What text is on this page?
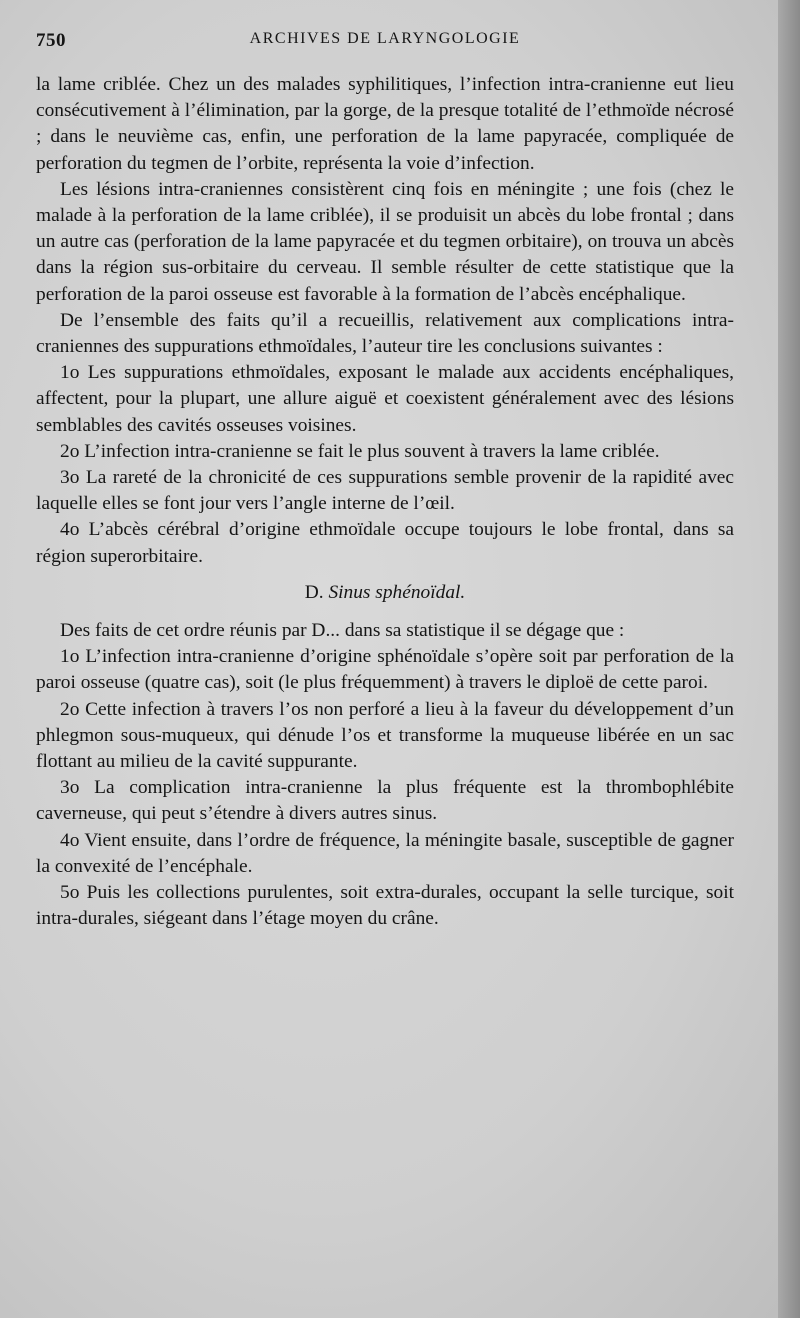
750	ARCHIVES DE LARYNGOLOGIE

la lame criblée. Chez un des malades syphilitiques, l’infection intra-cranienne eut lieu consécutivement à l’élimination, par la gorge, de la presque totalité de l’ethmoïde nécrosé ; dans le neuvième cas, enfin, une perforation de la lame papyracée, compliquée de perforation du tegmen de l’orbite, représenta la voie d’infection.

Les lésions intra-craniennes consistèrent cinq fois en méningite ; une fois (chez le malade à la perforation de la lame criblée), il se produisit un abcès du lobe frontal ; dans un autre cas (perforation de la lame papyracée et du tegmen orbitaire), on trouva un abcès dans la région sus-orbitaire du cerveau. Il semble résulter de cette statistique que la perforation de la paroi osseuse est favorable à la formation de l’abcès encéphalique.

De l’ensemble des faits qu’il a recueillis, relativement aux complications intra-craniennes des suppurations ethmoïdales, l’auteur tire les conclusions suivantes :

1o Les suppurations ethmoïdales, exposant le malade aux accidents encéphaliques, affectent, pour la plupart, une allure aiguë et coexistent généralement avec des lésions semblables des cavités osseuses voisines.

2o L’infection intra-cranienne se fait le plus souvent à travers la lame criblée.

3o La rareté de la chronicité de ces suppurations semble provenir de la rapidité avec laquelle elles se font jour vers l’angle interne de l’œil.

4o L’abcès cérébral d’origine ethmoïdale occupe toujours le lobe frontal, dans sa région superorbitaire.

D. Sinus sphénoïdal.

Des faits de cet ordre réunis par D... dans sa statistique il se dégage que :

1o L’infection intra-cranienne d’origine sphénoïdale s’opère soit par perforation de la paroi osseuse (quatre cas), soit (le plus fréquemment) à travers le diploë de cette paroi.

2o Cette infection à travers l’os non perforé a lieu à la faveur du développement d’un phlegmon sous-muqueux, qui dénude l’os et transforme la muqueuse libérée en un sac flottant au milieu de la cavité suppurante.

3o La complication intra-cranienne la plus fréquente est la thrombophlébite caverneuse, qui peut s’étendre à divers autres sinus.

4o Vient ensuite, dans l’ordre de fréquence, la méningite basale, susceptible de gagner la convexité de l’encéphale.

5o Puis les collections purulentes, soit extra-durales, occupant la selle turcique, soit intra-durales, siégeant dans l’étage moyen du crâne.
